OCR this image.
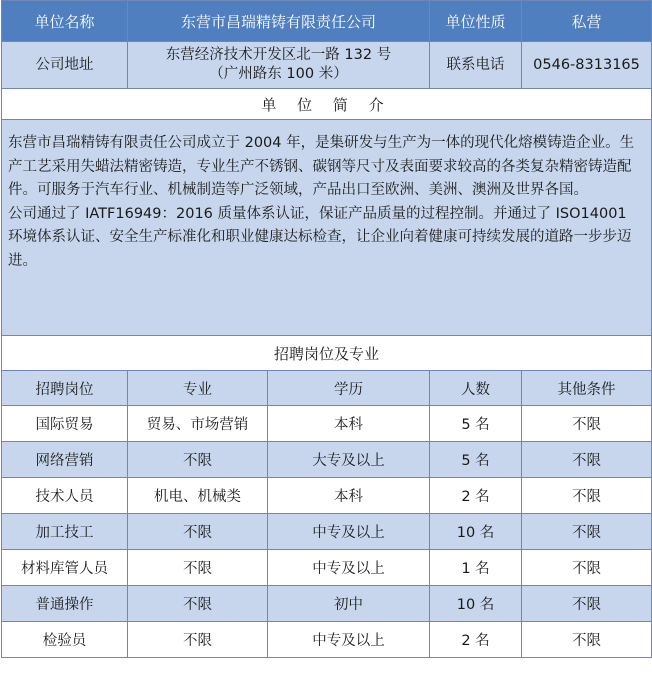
单位名称	东营市昌瑞精铸有限责任公司		单位性质	私营
公司地址	东营经济技术开发区北一路 132 号
（广州路东 100 米）		联系电话	0546-8313165
单 位 简 介				

东营市昌瑞精铸有限责任公司成立于 2004 年，是集研发与生产为一体的现代化熔模铸造企业。生产工艺采用失蜡法精密铸造，专业生产不锈钢、碳钢等尺寸及表面要求较高的各类复杂精密铸造配件。可服务于汽车行业、机械制造等广泛领域，产品出口至欧洲、美洲、澳洲及世界各国。

公司通过了 IATF16949：2016 质量体系认证，保证产品质量的过程控制。并通过了 ISO14001 环境体系认证、安全生产标准化和职业健康达标检查，让企业向着健康可持续发展的道路一步步迈进。				

招聘岗位及专业				
招聘岗位	专业	学历	人数	其他条件
国际贸易	贸易、市场营销	本科	5 名	不限
网络营销	不限	大专及以上	5 名	不限
技术人员	机电、机械类	本科	2 名	不限
加工技工	不限	中专及以上	10 名	不限
材料库管人员	不限	中专及以上	1 名	不限
普通操作	不限	初中	10 名	不限
检验员	不限	中专及以上	2 名	不限
